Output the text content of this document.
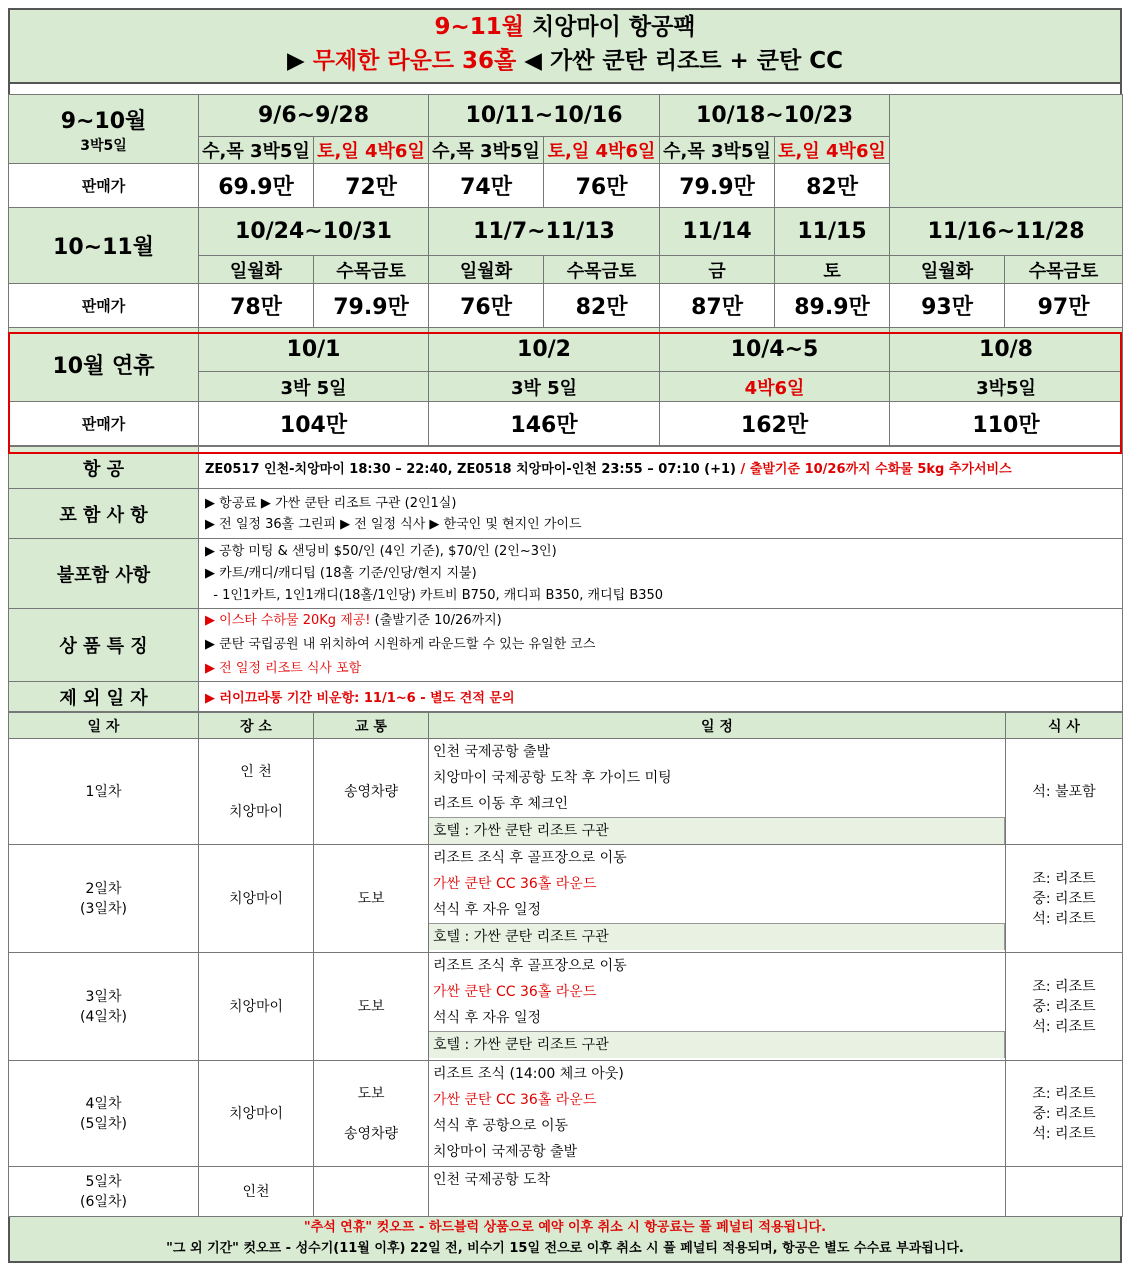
9~11월 치앙마이 항공팩
▶ 무제한 라운드 36홀 ◀ 가싼 쿤탄 리조트 + 쿤탄 CC
9~10월
3박5일	9/6~9/28		10/11~10/16		10/18~10/23			
	수,목 3박5일	토,일 4박6일	수,목 3박5일	토,일 4박6일	수,목 3박5일	토,일 4박6일		
판매가	69.9만	72만	74만	76만	79.9만	82만		
10~11월	10/24~10/31		11/7~11/13		11/14	11/15	11/16~11/28	
	일월화	수목금토	일월화	수목금토	금	토	일월화	수목금토
판매가	78만	79.9만	76만	82만	87만	89.9만	93만	97만
10월 연휴	10/1		10/2		10/4~5		10/8	
	3박 5일		3박 5일		4박6일		3박5일	
판매가	104만		146만		162만		110만	
항 공	ZE0517 인천-치앙마이 18:30 – 22:40, ZE0518 치앙마이-인천 23:55 – 07:10 (+1) / 출발기준 10/26까지 수화물 5kg 추가서비스
포 함 사 항	▶ 항공료 ▶ 가싼 쿤탄 리조트 구관 (2인1실)
▶ 전 일정 36홀 그린피 ▶ 전 일정 식사 ▶ 한국인 및 현지인 가이드

불포함 사항	▶ 공항 미팅 & 샌딩비 $50/인 (4인 기준), $70/인 (2인~3인)
▶ 카트/캐디/캐디팁 (18홀 기준/인당/현지 지불)
- 1인1카트, 1인1캐디(18홀/1인당) 카트비 B750, 캐디피 B350, 캐디팁 B350

상 품 특 징	▶ 이스타 수하물 20Kg 제공! (출발기준 10/26까지)
▶ 쿤탄 국립공원 내 위치하여 시원하게 라운드할 수 있는 유일한 코스
▶ 전 일정 리조트 식사 포함

제 외 일 자	▶ 러이끄라통 기간 비운항: 11/1~6 - 별도 견적 문의
일 자	장 소	교 통	일 정	식 사

1일차	인 천
치앙마이	송영차량	인천 국제공항 출발
치앙마이 국제공항 도착 후 가이드 미팅
리조트 이동 후 체크인
호텔 : 가싼 쿤탄 리조트 구관	석: 불포함

2일차
(3일차)	치앙마이	도보	리조트 조식 후 골프장으로 이동
가싼 쿤탄 CC 36홀 라운드
석식 후 자유 일정
호텔 : 가싼 쿤탄 리조트 구관	조: 리조트
중: 리조트
석: 리조트

3일차
(4일차)	치앙마이	도보	리조트 조식 후 골프장으로 이동
가싼 쿤탄 CC 36홀 라운드
석식 후 자유 일정
호텔 : 가싼 쿤탄 리조트 구관	조: 리조트
중: 리조트
석: 리조트

4일차
(5일차)	치앙마이	도보
송영차량	리조트 조식 (14:00 체크 아웃)
가싼 쿤탄 CC 36홀 라운드
석식 후 공항으로 이동
치앙마이 국제공항 출발	조: 리조트
중: 리조트
석: 리조트

5일차
(6일차)	인천		인천 국제공항 도착	

"추석 연휴" 컷오프 - 하드블럭 상품으로 예약 이후 취소 시 항공료는 풀 페널티 적용됩니다.
"그 외 기간" 컷오프 - 성수기(11월 이후) 22일 전, 비수기 15일 전으로 이후 취소 시 풀 페널티 적용되며, 항공은 별도 수수료 부과됩니다.
